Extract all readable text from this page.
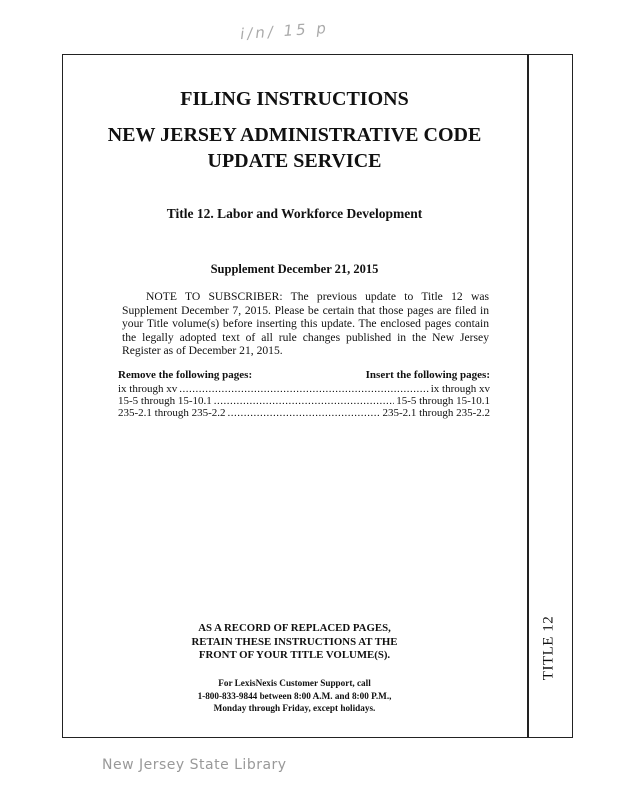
i/n/ 15 p
TITLE 12
FILING INSTRUCTIONS
NEW JERSEY ADMINISTRATIVE CODE
UPDATE SERVICE
Title 12. Labor and Workforce Development
Supplement December 21, 2015

NOTE TO SUBSCRIBER: The previous update to Title 12 was Supplement December 7, 2015. Please be certain that those pages are filed in your Title volume(s) before inserting this update. The enclosed pages contain the legally adopted text of all rule changes published in the New Jersey Register as of December 21, 2015.

Remove the following pages:	Insert the following pages:
ix through xv .....	ix through xv
15-5 through 15-10.1 .....	15-5 through 15-10.1
235-2.1 through 235-2.2 .....	235-2.1 through 235-2.2
AS A RECORD OF REPLACED PAGES,
RETAIN THESE INSTRUCTIONS AT THE
FRONT OF YOUR TITLE VOLUME(S).
For LexisNexis Customer Support, call
1-800-833-9844 between 8:00 A.M. and 8:00 P.M.,
Monday through Friday, except holidays.
New Jersey State Library
